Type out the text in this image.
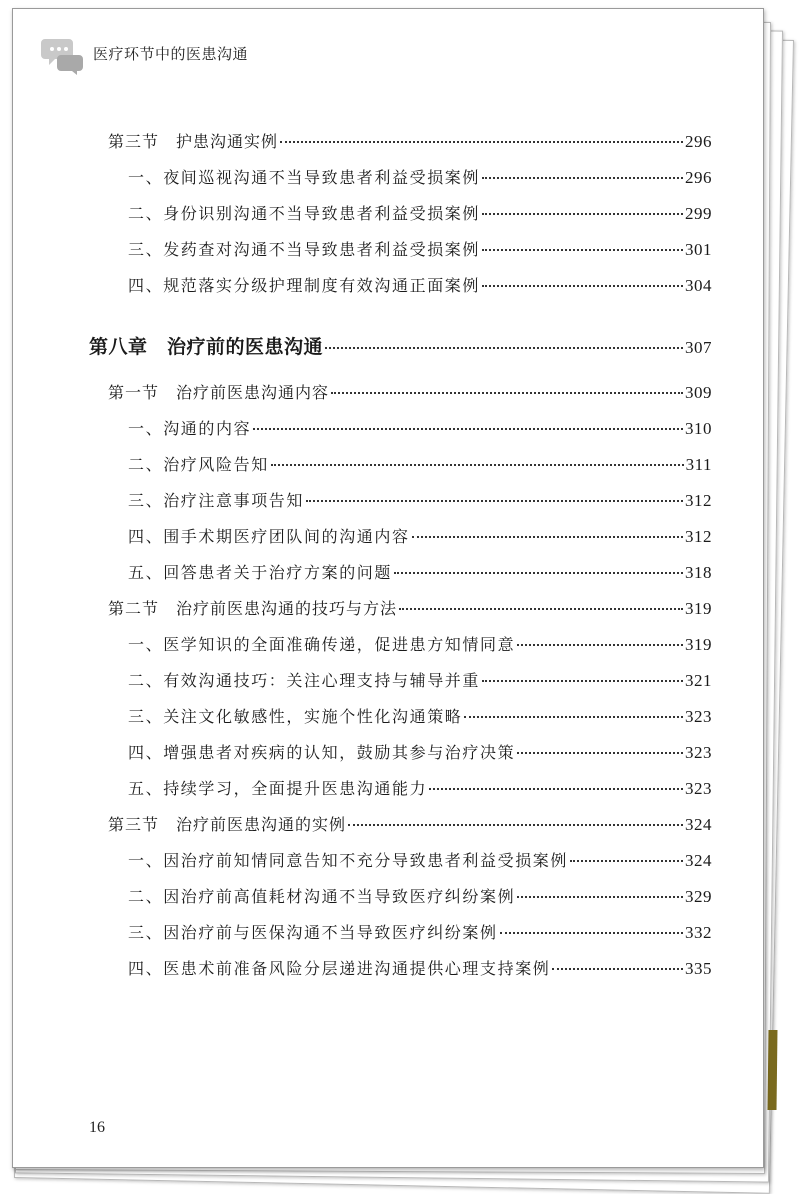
医疗环节中的医患沟通
第三节　护患沟通实例	296
一、夜间巡视沟通不当导致患者利益受损案例	296
二、身份识别沟通不当导致患者利益受损案例	299
三、发药查对沟通不当导致患者利益受损案例	301
四、规范落实分级护理制度有效沟通正面案例	304
第八章　治疗前的医患沟通	307
第一节　治疗前医患沟通内容	309
一、沟通的内容	310
二、治疗风险告知	311
三、治疗注意事项告知	312
四、围手术期医疗团队间的沟通内容	312
五、回答患者关于治疗方案的问题	318
第二节　治疗前医患沟通的技巧与方法	319
一、医学知识的全面准确传递，促进患方知情同意	319
二、有效沟通技巧：关注心理支持与辅导并重	321
三、关注文化敏感性，实施个性化沟通策略	323
四、增强患者对疾病的认知，鼓励其参与治疗决策	323
五、持续学习，全面提升医患沟通能力	323
第三节　治疗前医患沟通的实例	324
一、因治疗前知情同意告知不充分导致患者利益受损案例	324
二、因治疗前高值耗材沟通不当导致医疗纠纷案例	329
三、因治疗前与医保沟通不当导致医疗纠纷案例	332
四、医患术前准备风险分层递进沟通提供心理支持案例	335
16
